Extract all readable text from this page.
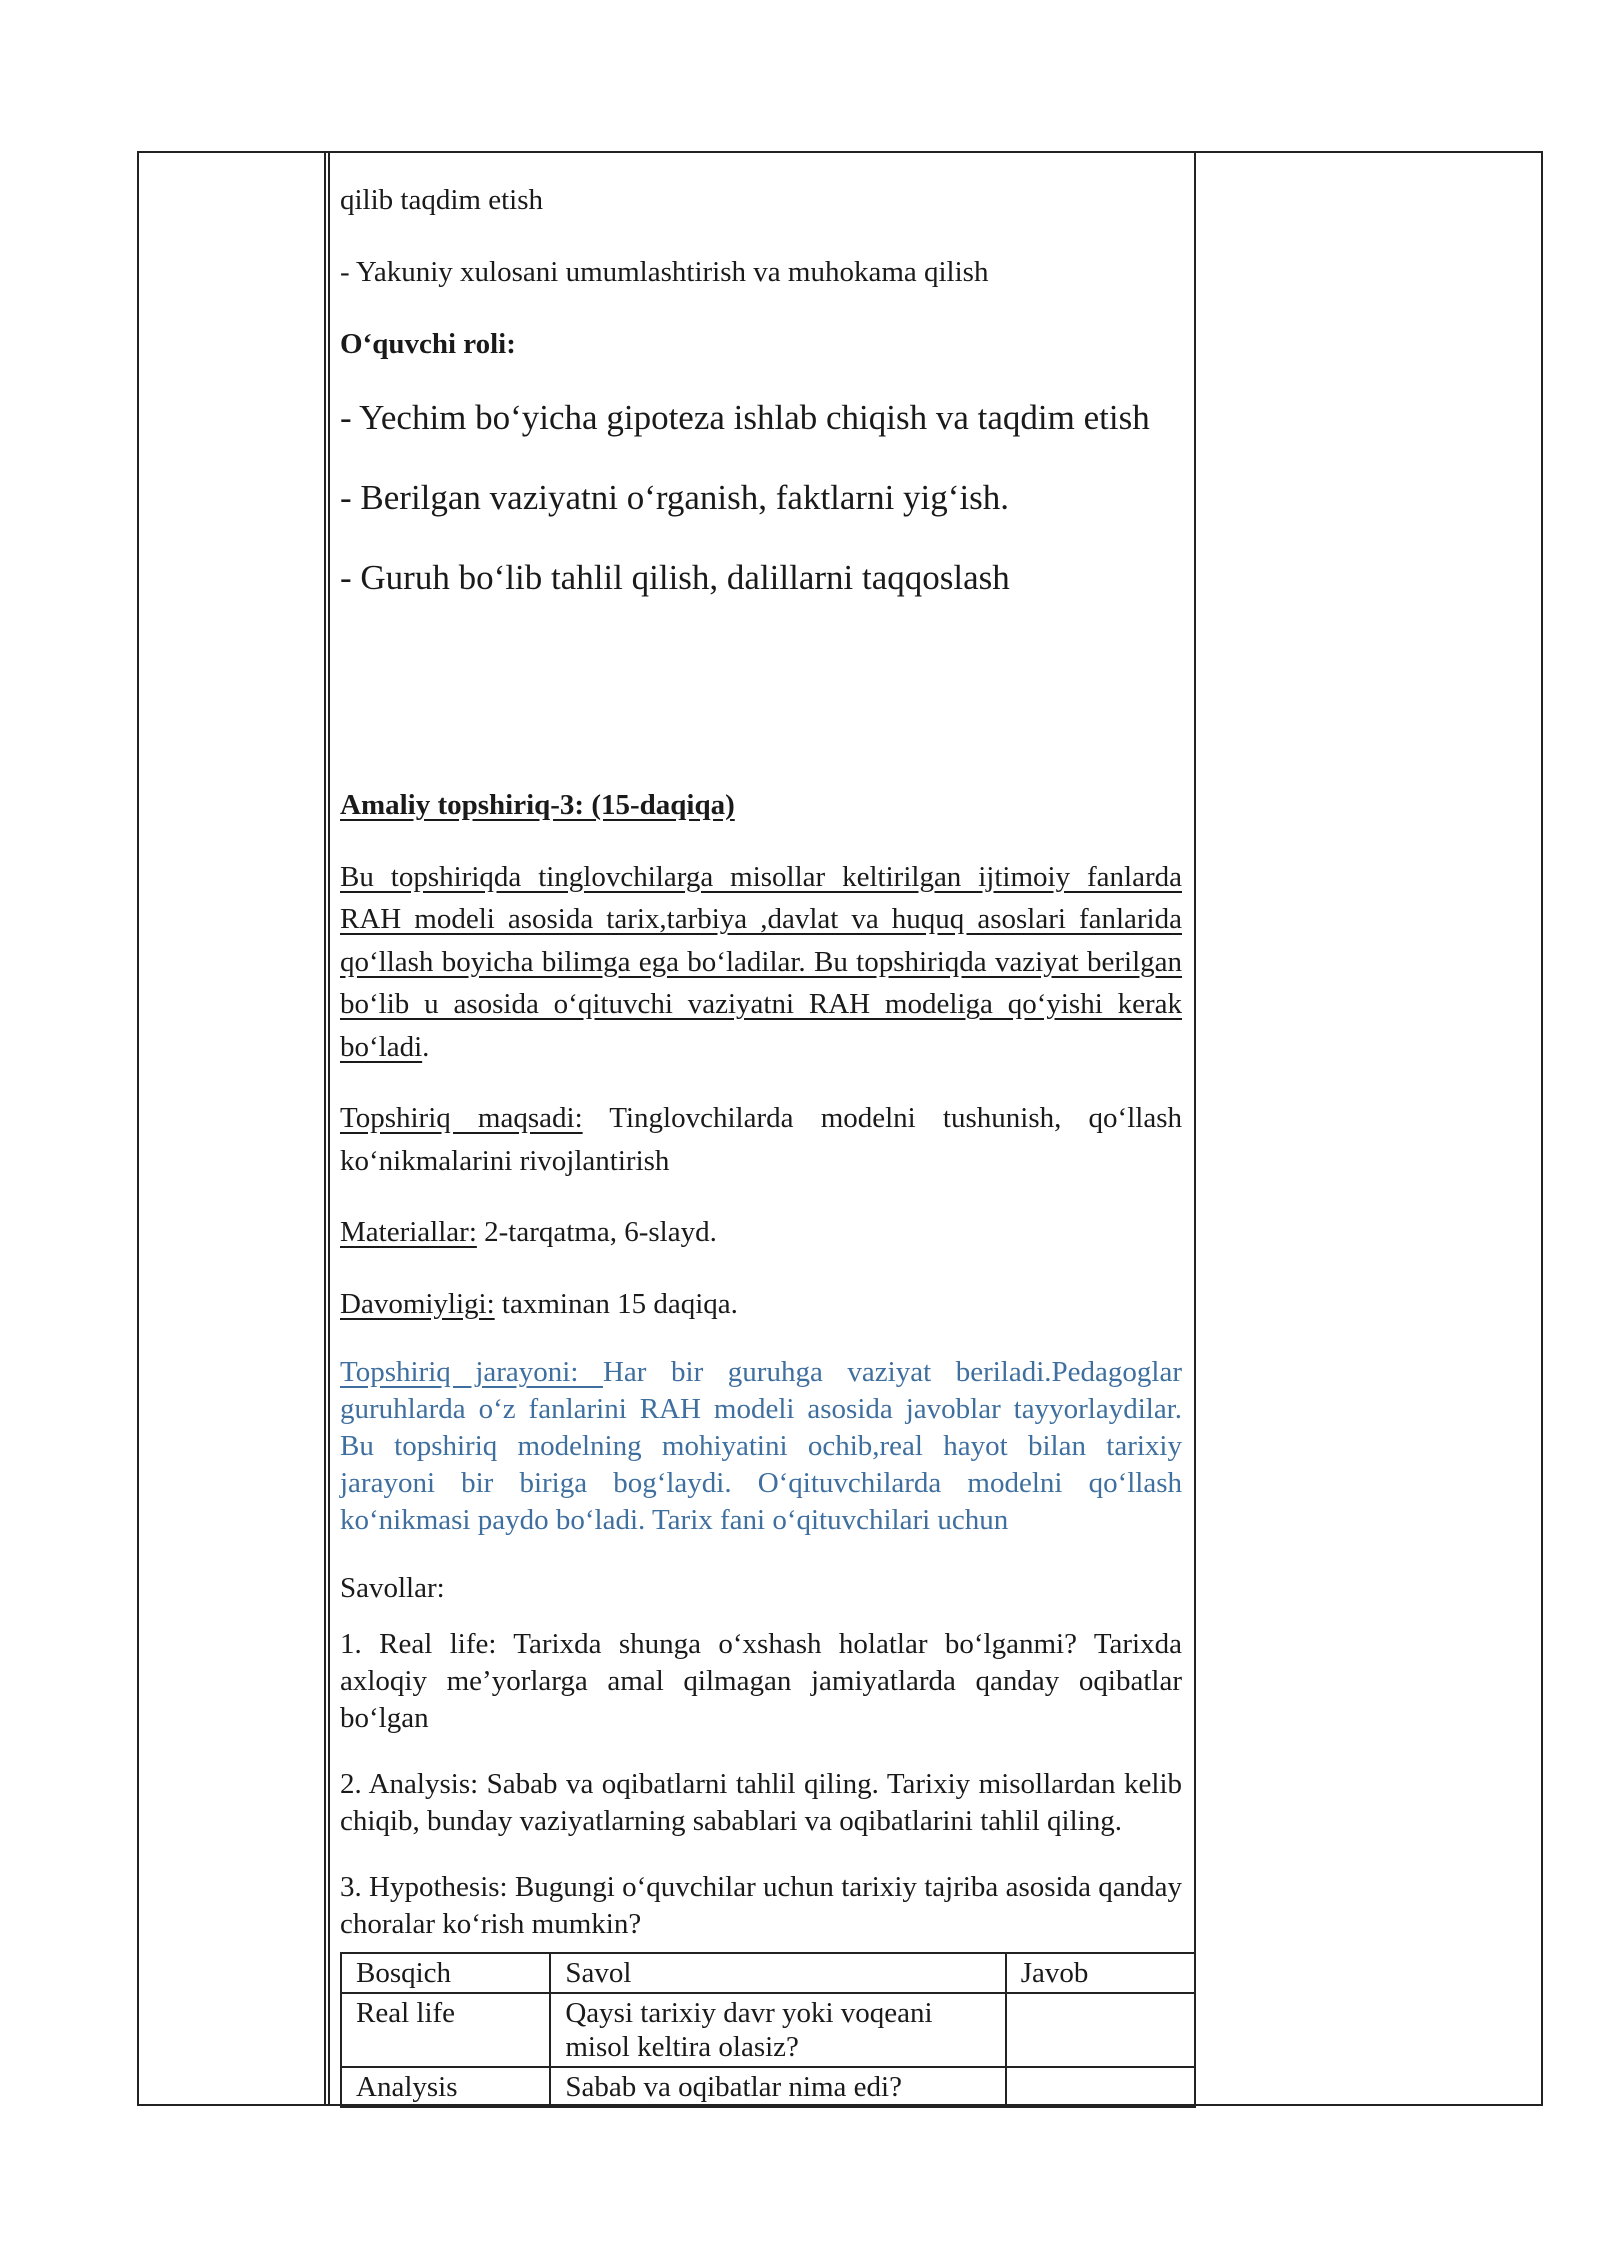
qilib taqdim etish

- Yakuniy xulosani umumlashtirish va muhokama qilish

O‘quvchi roli:

- Yechim bo‘yicha gipoteza ishlab chiqish va taqdim etish

- Berilgan vaziyatni o‘rganish, faktlarni yig‘ish.

- Guruh bo‘lib tahlil qilish, dalillarni taqqoslash

Amaliy topshiriq-3: (15-daqiqa)

Bu topshiriqda tinglovchilarga misollar keltirilgan ijtimoiy fanlarda RAH modeli asosida tarix,tarbiya ,davlat va huquq asoslari fanlarida qo‘llash boyicha bilimga ega bo‘ladilar. Bu topshiriqda vaziyat berilgan bo‘lib u asosida o‘qituvchi vaziyatni RAH modeliga qo‘yishi kerak bo‘ladi.

Topshiriq maqsadi: Tinglovchilarda modelni tushunish, qo‘llash ko‘nikmalarini rivojlantirish

Materiallar: 2-tarqatma, 6-slayd.

Davomiyligi: taxminan 15 daqiqa.

Topshiriq jarayoni: Har bir guruhga vaziyat beriladi.Pedagoglar guruhlarda o‘z fanlarini RAH modeli asosida javoblar tayyorlaydilar. Bu topshiriq modelning mohiyatini ochib,real hayot bilan tarixiy jarayoni bir biriga bog‘laydi. O‘qituvchilarda modelni qo‘llash ko‘nikmasi paydo bo‘ladi. Tarix fani o‘qituvchilari uchun

Savollar:

1. Real life: Tarixda shunga o‘xshash holatlar bo‘lganmi? Tarixda axloqiy me’yorlarga amal qilmagan jamiyatlarda qanday oqibatlar bo‘lgan

2. Analysis: Sabab va oqibatlarni tahlil qiling. Tarixiy misollardan kelib chiqib, bunday vaziyatlarning sabablari va oqibatlarini tahlil qiling.

3. Hypothesis: Bugungi o‘quvchilar uchun tarixiy tajriba asosida qanday choralar ko‘rish mumkin?

Bosqich	Savol	Javob
Real life	Qaysi tarixiy davr yoki voqeani misol keltira olasiz?	
Analysis	Sabab va oqibatlar nima edi?	
